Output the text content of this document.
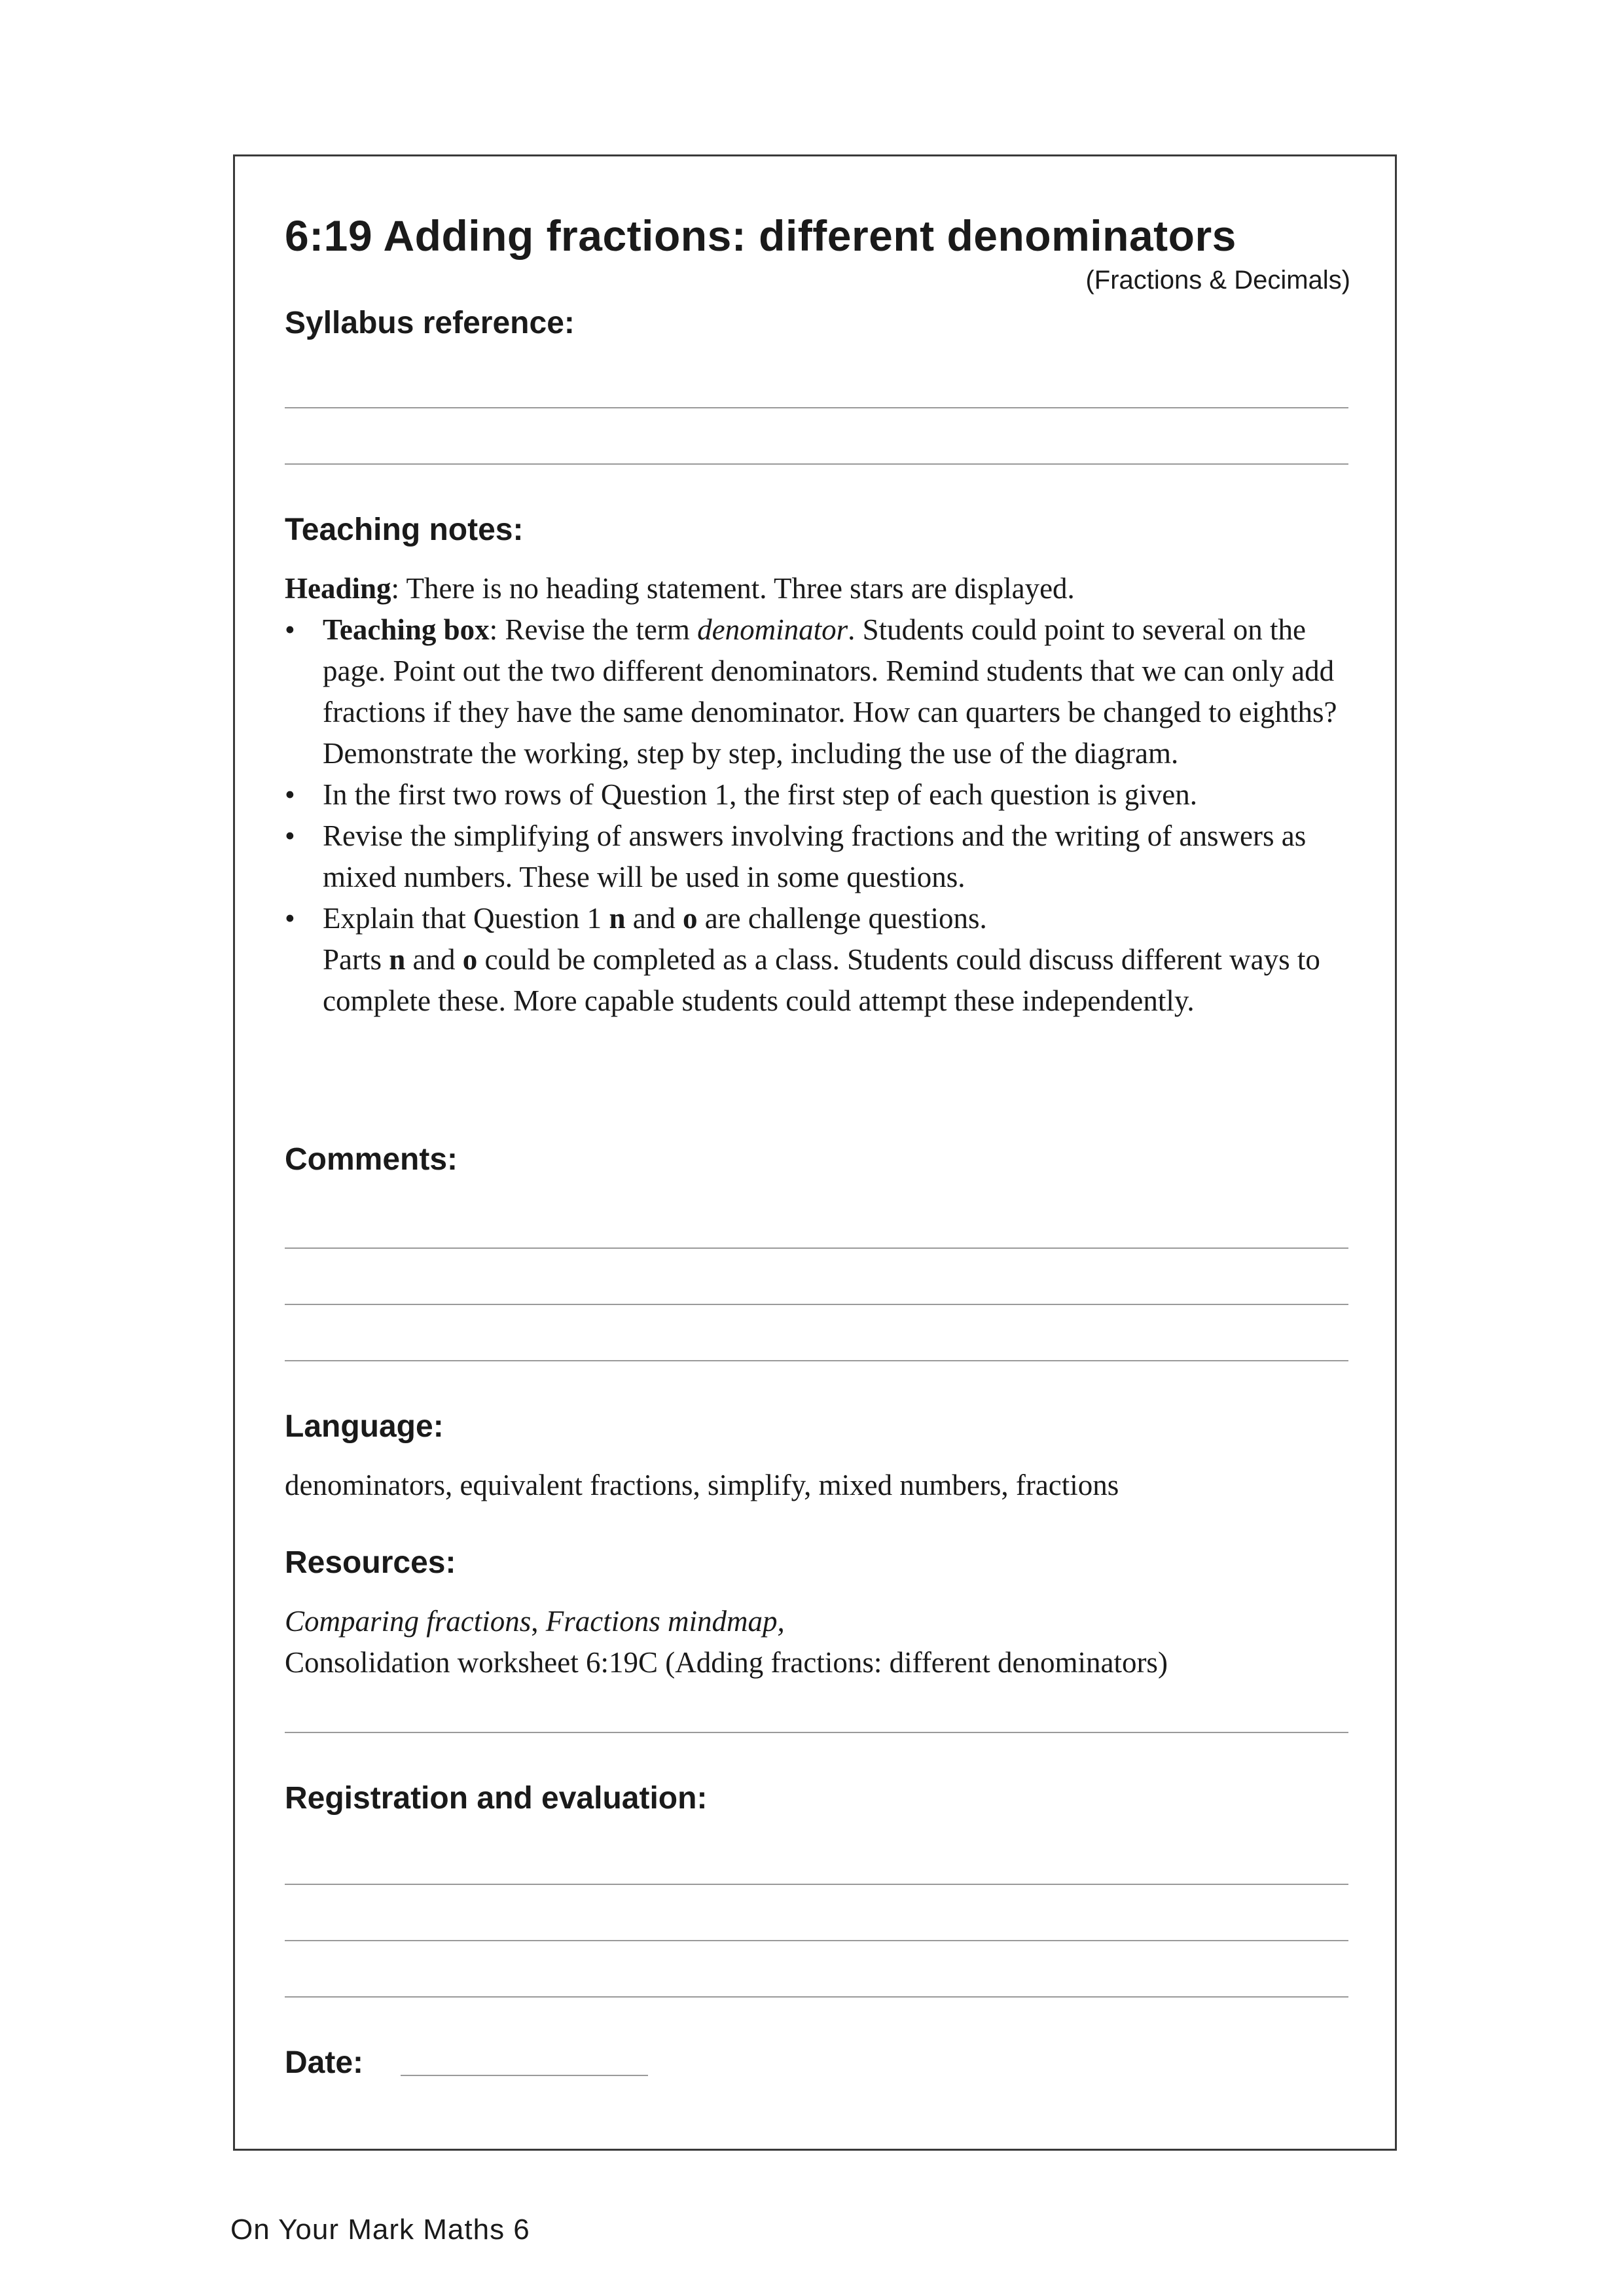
6:19 Adding fractions: different denominators
(Fractions & Decimals)
Syllabus reference:
Teaching notes:

Heading: There is no heading statement. Three stars are displayed.

• Teaching box: Revise the term denominator. Students could point to several on the page. Point out the two different denominators. Remind students that we can only add fractions if they have the same denominator. How can quarters be changed to eighths? Demonstrate the working, step by step, including the use of the diagram.
• In the first two rows of Question 1, the first step of each question is given.
• Revise the simplifying of answers involving fractions and the writing of answers as mixed numbers. These will be used in some questions.
• Explain that Question 1 n and o are challenge questions.
Parts n and o could be completed as a class. Students could discuss different ways to complete these. More capable students could attempt these independently.
Comments:
Language:
denominators, equivalent fractions, simplify, mixed numbers, fractions
Resources:

Comparing fractions, Fractions mindmap,

Consolidation worksheet 6:19C (Adding fractions: different denominators)

Registration and evaluation:
Date:
On Your Mark Maths 6
